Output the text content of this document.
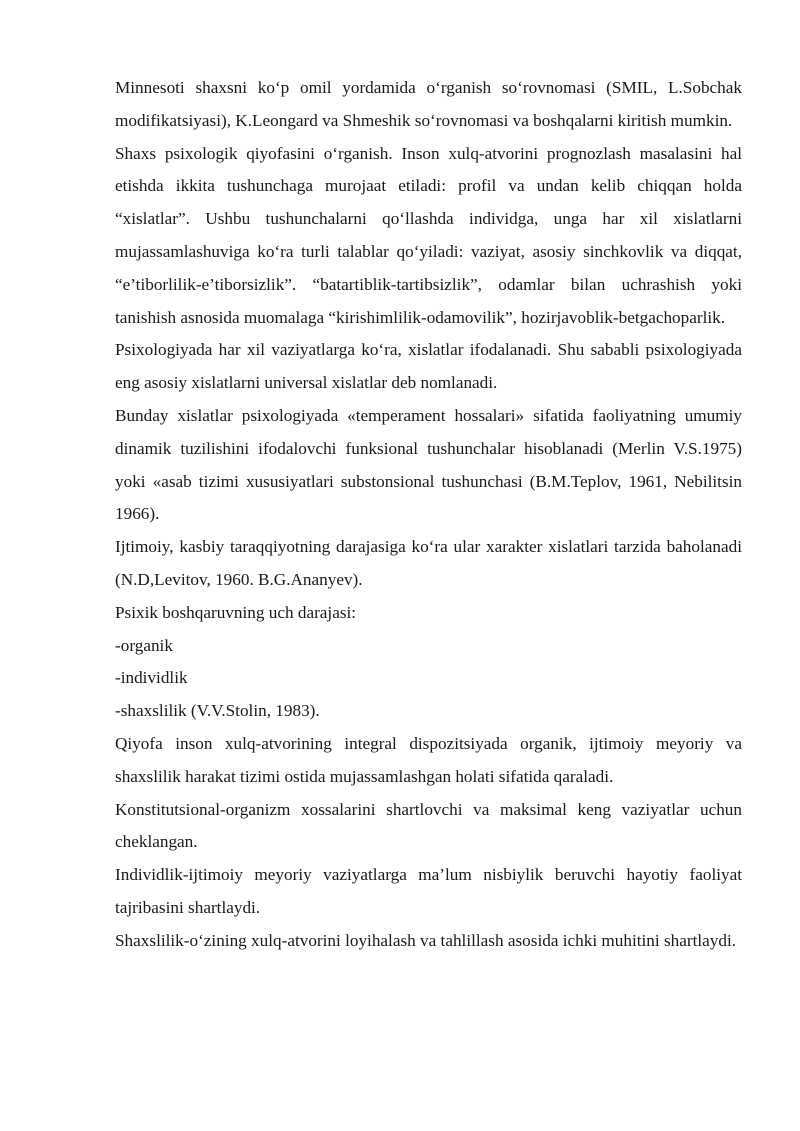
Minnesoti shaxsni ko‘p omil yordamida o‘rganish so‘rovnomasi (SMIL, L.Sobchak modifikatsiyasi), K.Leongard va Shmeshik so‘rovnomasi va boshqalarni kiritish mumkin.

Shaxs psixologik qiyofasini o‘rganish. Inson xulq-atvorini prognozlash masalasini hal etishda ikkita tushunchaga murojaat etiladi: profil va undan kelib chiqqan holda “xislatlar”. Ushbu tushunchalarni qo‘llashda individga, unga har xil xislatlarni mujassamlashuviga ko‘ra turli talablar qo‘yiladi: vaziyat, asosiy sinchkovlik va diqqat, “e’tiborlilik-e’tiborsizlik”. “batartiblik-tartibsizlik”, odamlar bilan uchrashish yoki tanishish asnosida muomalaga “kirishimlilik-odamovilik”, hozirjavoblik-betgachoparlik.

Psixologiyada har xil vaziyatlarga ko‘ra, xislatlar ifodalanadi. Shu sababli psixologiyada eng asosiy xislatlarni universal xislatlar deb nomlanadi.

Bunday xislatlar psixologiyada «temperament hossalari» sifatida faoliyatning umumiy dinamik tuzilishini ifodalovchi funksional tushunchalar hisoblanadi (Merlin V.S.1975) yoki «asab tizimi xususiyatlari substonsional tushunchasi (B.M.Teplov, 1961, Nebilitsin 1966).

Ijtimoiy, kasbiy taraqqiyotning darajasiga ko‘ra ular xarakter xislatlari tarzida baholanadi (N.D,Levitov, 1960. B.G.Ananyev).

Psixik boshqaruvning uch darajasi:

-organik

-individlik

-shaxslilik (V.V.Stolin, 1983).

Qiyofa inson xulq-atvorining integral dispozitsiyada organik, ijtimoiy meyoriy va shaxslilik harakat tizimi ostida mujassamlashgan holati sifatida qaraladi.

Konstitutsional-organizm xossalarini shartlovchi va maksimal keng vaziyatlar uchun cheklangan.

Individlik-ijtimoiy meyoriy vaziyatlarga ma’lum nisbiylik beruvchi hayotiy faoliyat tajribasini shartlaydi.

Shaxslilik-o‘zining xulq-atvorini loyihalash va tahlillash asosida ichki muhitini shartlaydi.
